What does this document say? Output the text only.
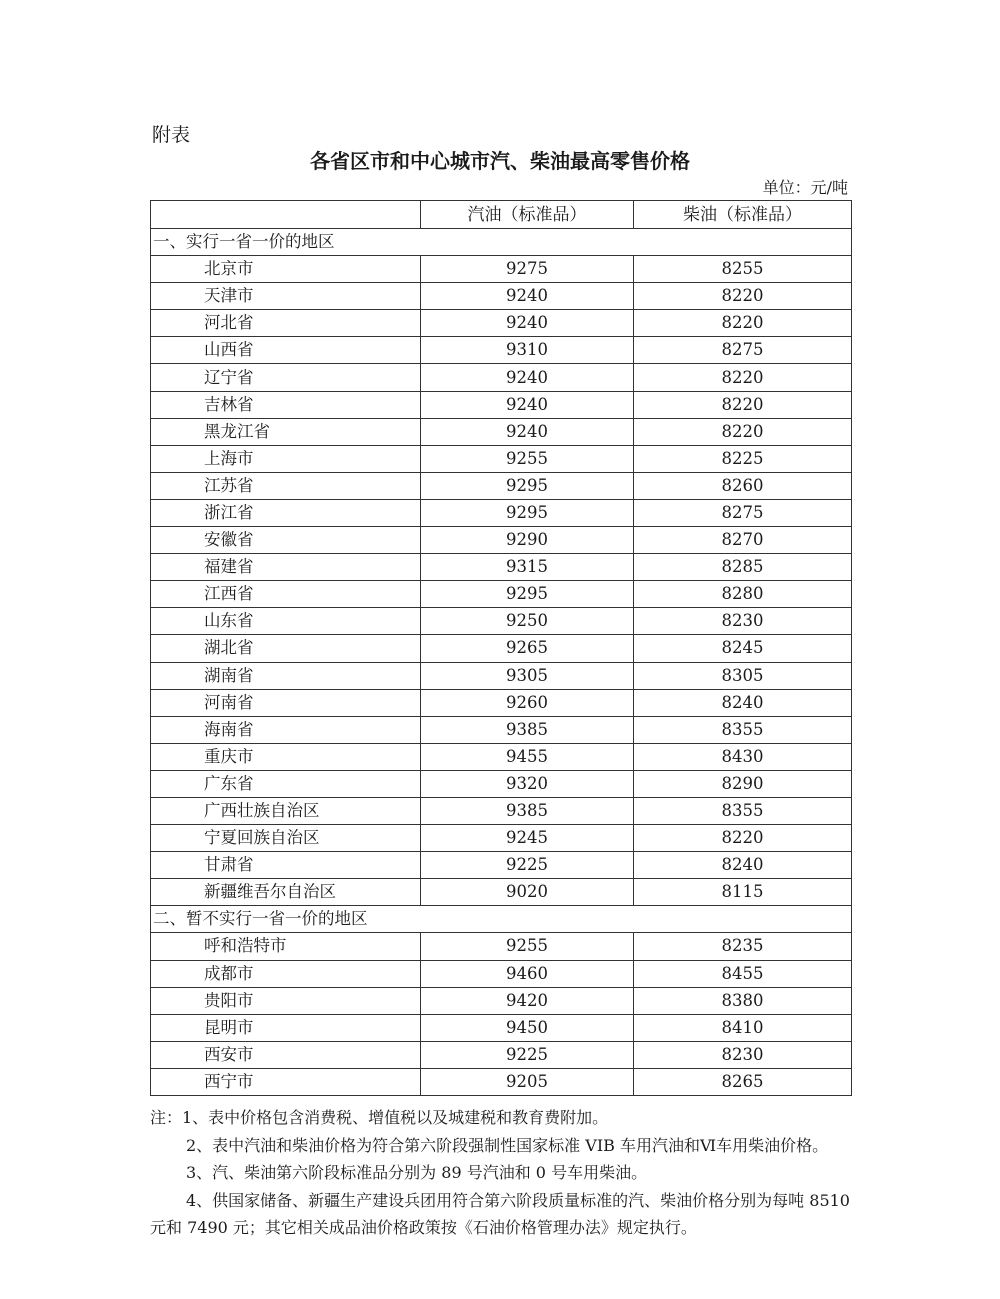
附表
各省区市和中心城市汽、柴油最高零售价格
单位：元/吨
	汽油（标准品）	柴油（标准品）
一、实行一省一价的地区		
北京市	9275	8255
天津市	9240	8220
河北省	9240	8220
山西省	9310	8275
辽宁省	9240	8220
吉林省	9240	8220
黑龙江省	9240	8220
上海市	9255	8225
江苏省	9295	8260
浙江省	9295	8275
安徽省	9290	8270
福建省	9315	8285
江西省	9295	8280
山东省	9250	8230
湖北省	9265	8245
湖南省	9305	8305
河南省	9260	8240
海南省	9385	8355
重庆市	9455	8430
广东省	9320	8290
广西壮族自治区	9385	8355
宁夏回族自治区	9245	8220
甘肃省	9225	8240
新疆维吾尔自治区	9020	8115
二、暂不实行一省一价的地区		
呼和浩特市	9255	8235
成都市	9460	8455
贵阳市	9420	8380
昆明市	9450	8410
西安市	9225	8230
西宁市	9205	8265

注：1、表中价格包含消费税、增值税以及城建税和教育费附加。

2、表中汽油和柴油价格为符合第六阶段强制性国家标准 VIB 车用汽油和Ⅵ车用柴油价格。

3、汽、柴油第六阶段标准品分别为 89 号汽油和 0 号车用柴油。

4、供国家储备、新疆生产建设兵团用符合第六阶段质量标准的汽、柴油价格分别为每吨 8510 元和 7490 元；其它相关成品油价格政策按《石油价格管理办法》规定执行。
